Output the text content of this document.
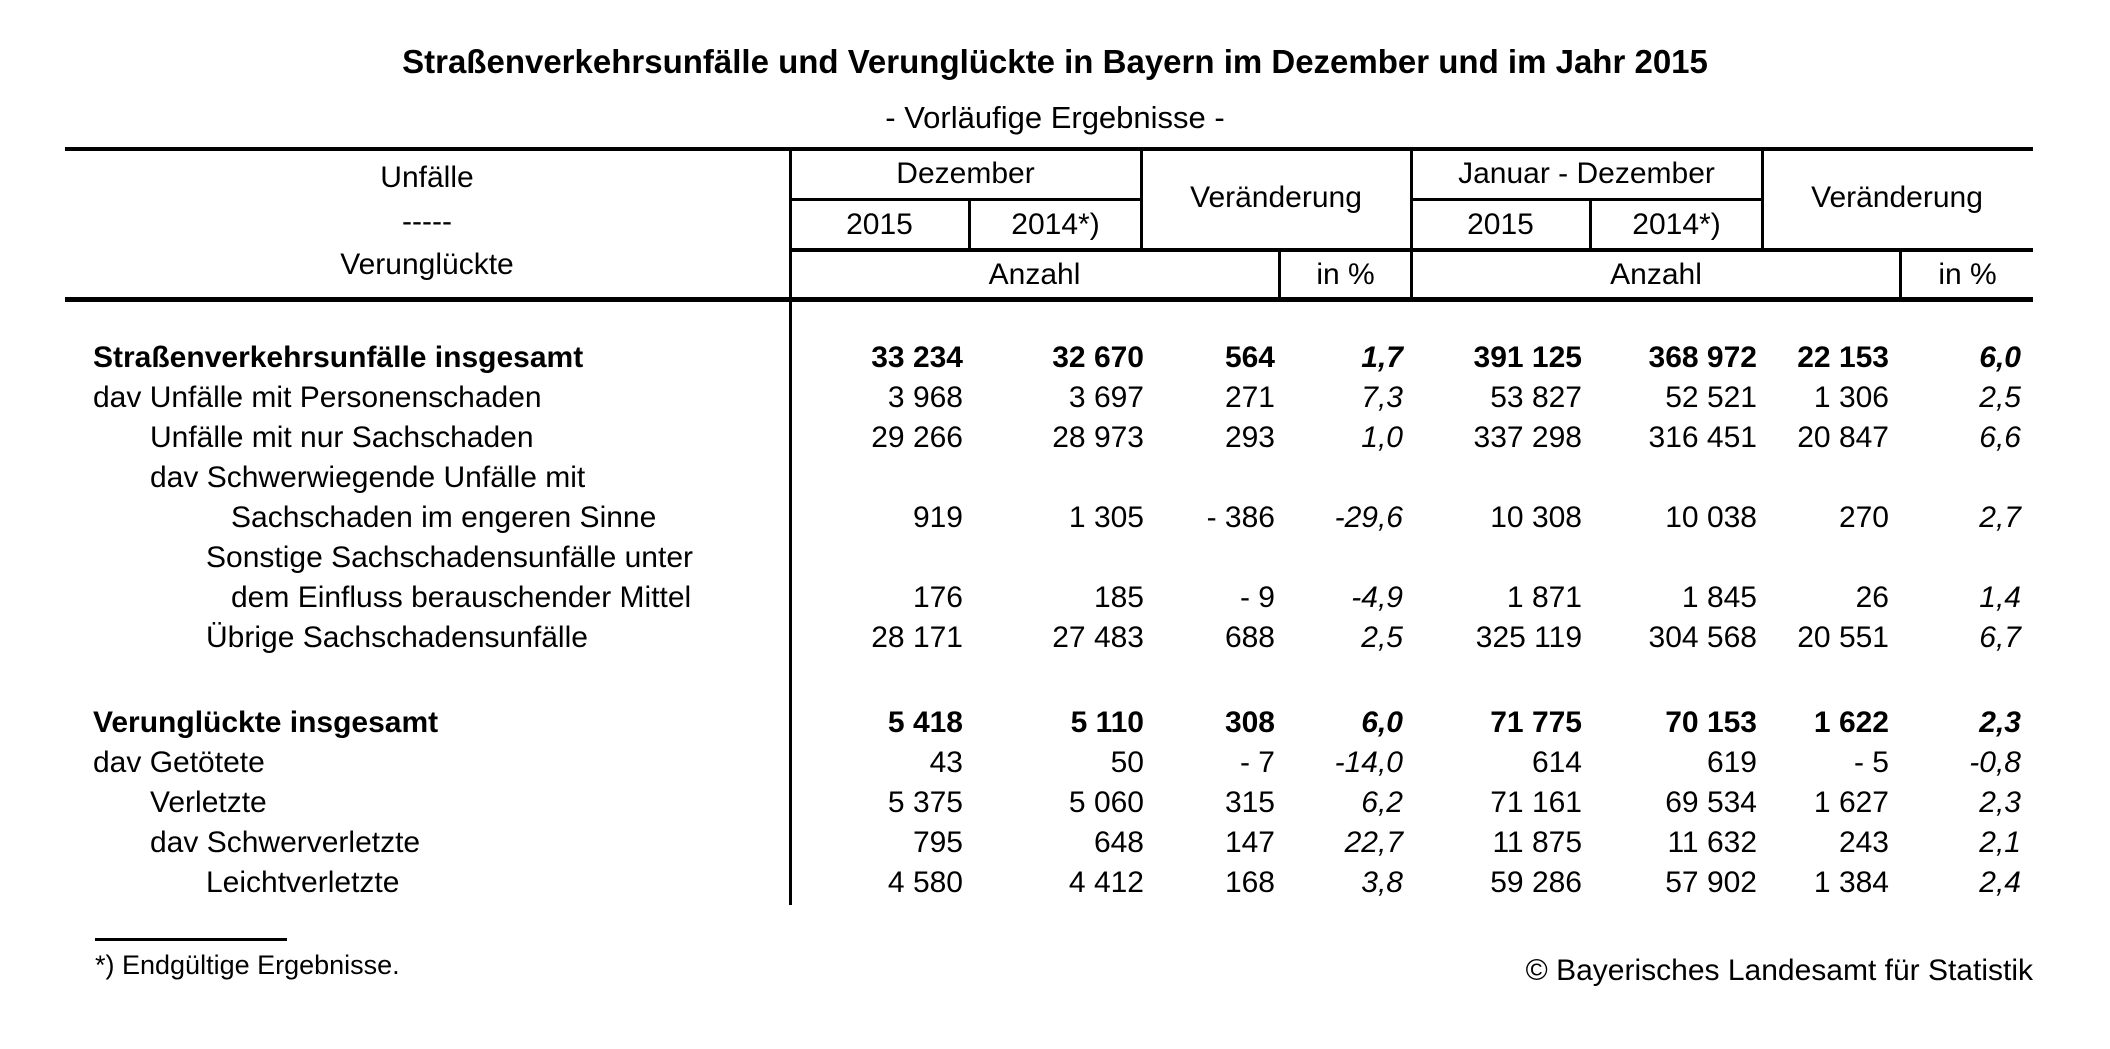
Straßenverkehrsunfälle und Verunglückte in Bayern im Dezember und im Jahr 2015
- Vorläufige Ergebnisse -
Unfälle
-----
Verunglückte
Dezember
Veränderung
Januar - Dezember
Veränderung
2015	2014*)	2015	2014*)
Anzahl	in %	Anzahl	in %
Straßenverkehrsunfälle insgesamt	33 234	32 670	564	1,7	391 125	368 972	22 153	6,0
dav Unfälle mit Personenschaden	3 968	3 697	271	7,3	53 827	52 521	1 306	2,5
Unfälle mit nur Sachschaden	29 266	28 973	293	1,0	337 298	316 451	20 847	6,6
dav Schwerwiegende Unfälle mit
Sachschaden im engeren Sinne	919	1 305	- 386	-29,6	10 308	10 038	270	2,7
Sonstige Sachschadensunfälle unter
dem Einfluss berauschender Mittel	176	185	- 9	-4,9	1 871	1 845	26	1,4
Übrige Sachschadensunfälle	28 171	27 483	688	2,5	325 119	304 568	20 551	6,7
Verunglückte insgesamt	5 418	5 110	308	6,0	71 775	70 153	1 622	2,3
dav Getötete	43	50	- 7	-14,0	614	619	- 5	-0,8
Verletzte	5 375	5 060	315	6,2	71 161	69 534	1 627	2,3
dav Schwerverletzte	795	648	147	22,7	11 875	11 632	243	2,1
Leichtverletzte	4 580	4 412	168	3,8	59 286	57 902	1 384	2,4
*) Endgültige Ergebnisse.	© Bayerisches Landesamt für Statistik
